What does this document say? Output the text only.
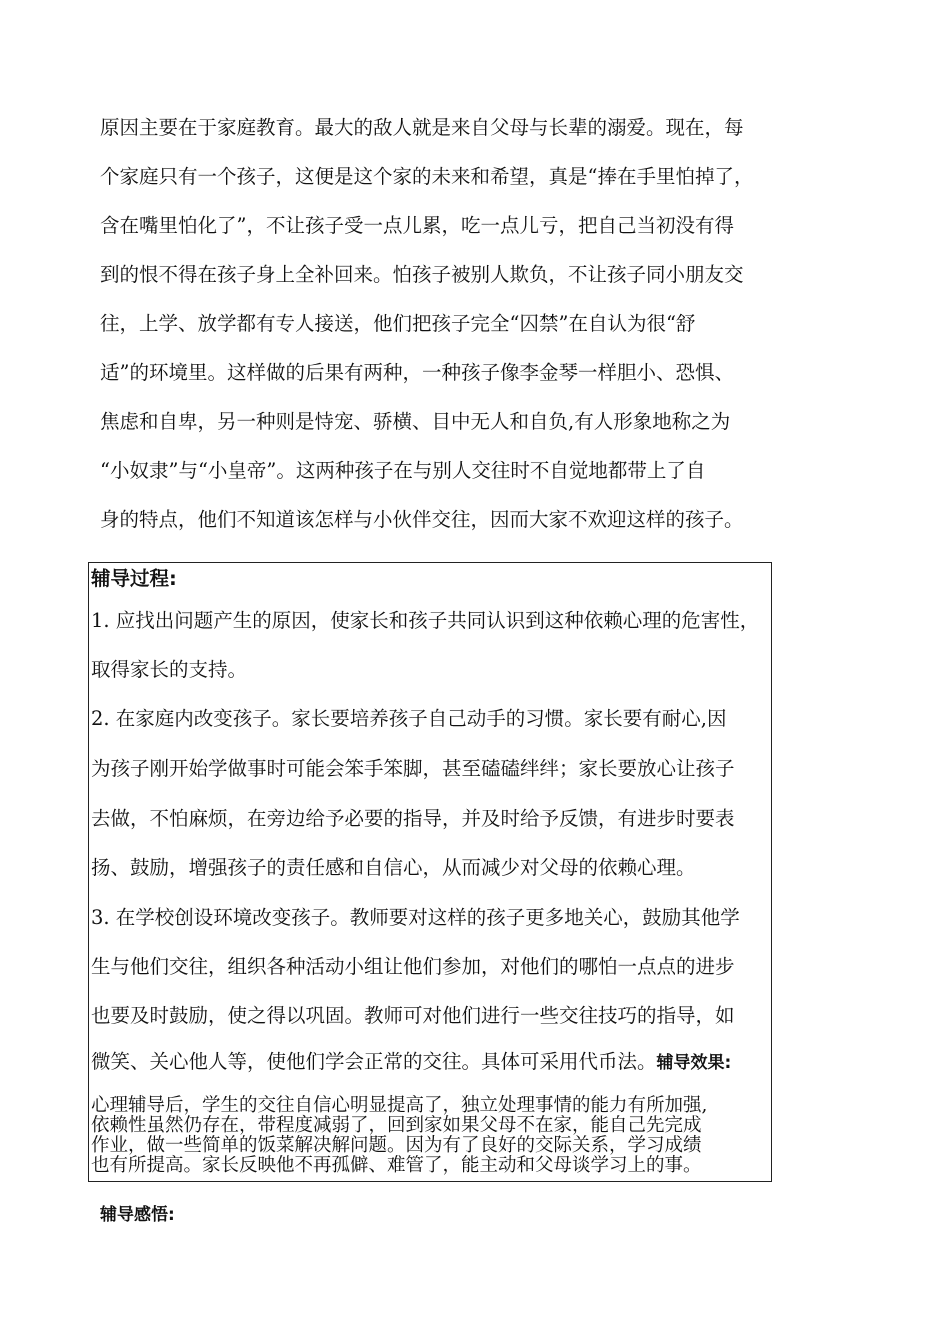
原因主要在于家庭教育。最大的敌人就是来自父母与长辈的溺爱。现在，每
个家庭只有一个孩子，这便是这个家的未来和希望，真是“捧在手里怕掉了，
含在嘴里怕化了”，不让孩子受一点儿累，吃一点儿亏，把自己当初没有得
到的恨不得在孩子身上全补回来。怕孩子被别人欺负，不让孩子同小朋友交
往，上学、放学都有专人接送，他们把孩子完全“囚禁”在自认为很“舒
适”的环境里。这样做的后果有两种，一种孩子像李金琴一样胆小、恐惧、
焦虑和自卑，另一种则是恃宠、骄横、目中无人和自负,有人形象地称之为
“小奴隶”与“小皇帝”。这两种孩子在与别人交往时不自觉地都带上了自
身的特点，他们不知道该怎样与小伙伴交往，因而大家不欢迎这样的孩子。
辅导过程:
1. 应找出问题产生的原因，使家长和孩子共同认识到这种依赖心理的危害性，
取得家长的支持。
2. 在家庭内改变孩子。家长要培养孩子自己动手的习惯。家长要有耐心,因
为孩子刚开始学做事时可能会笨手笨脚，甚至磕磕绊绊；家长要放心让孩子
去做，不怕麻烦，在旁边给予必要的指导，并及时给予反馈，有进步时要表
扬、鼓励，增强孩子的责任感和自信心，从而减少对父母的依赖心理。
3. 在学校创设环境改变孩子。教师要对这样的孩子更多地关心，鼓励其他学
生与他们交往，组织各种活动小组让他们参加，对他们的哪怕一点点的进步
也要及时鼓励，使之得以巩固。教师可对他们进行一些交往技巧的指导，如
微笑、关心他人等，使他们学会正常的交往。具体可采用代币法。辅导效果:
心理辅导后，学生的交往自信心明显提高了，独立处理事情的能力有所加强,
依赖性虽然仍存在，带程度减弱了，回到家如果父母不在家，能自己先完成
作业，做一些简单的饭菜解决解问题。因为有了良好的交际关系，学习成绩
也有所提高。家长反映他不再孤僻、难管了，能主动和父母谈学习上的事。
辅导感悟:
